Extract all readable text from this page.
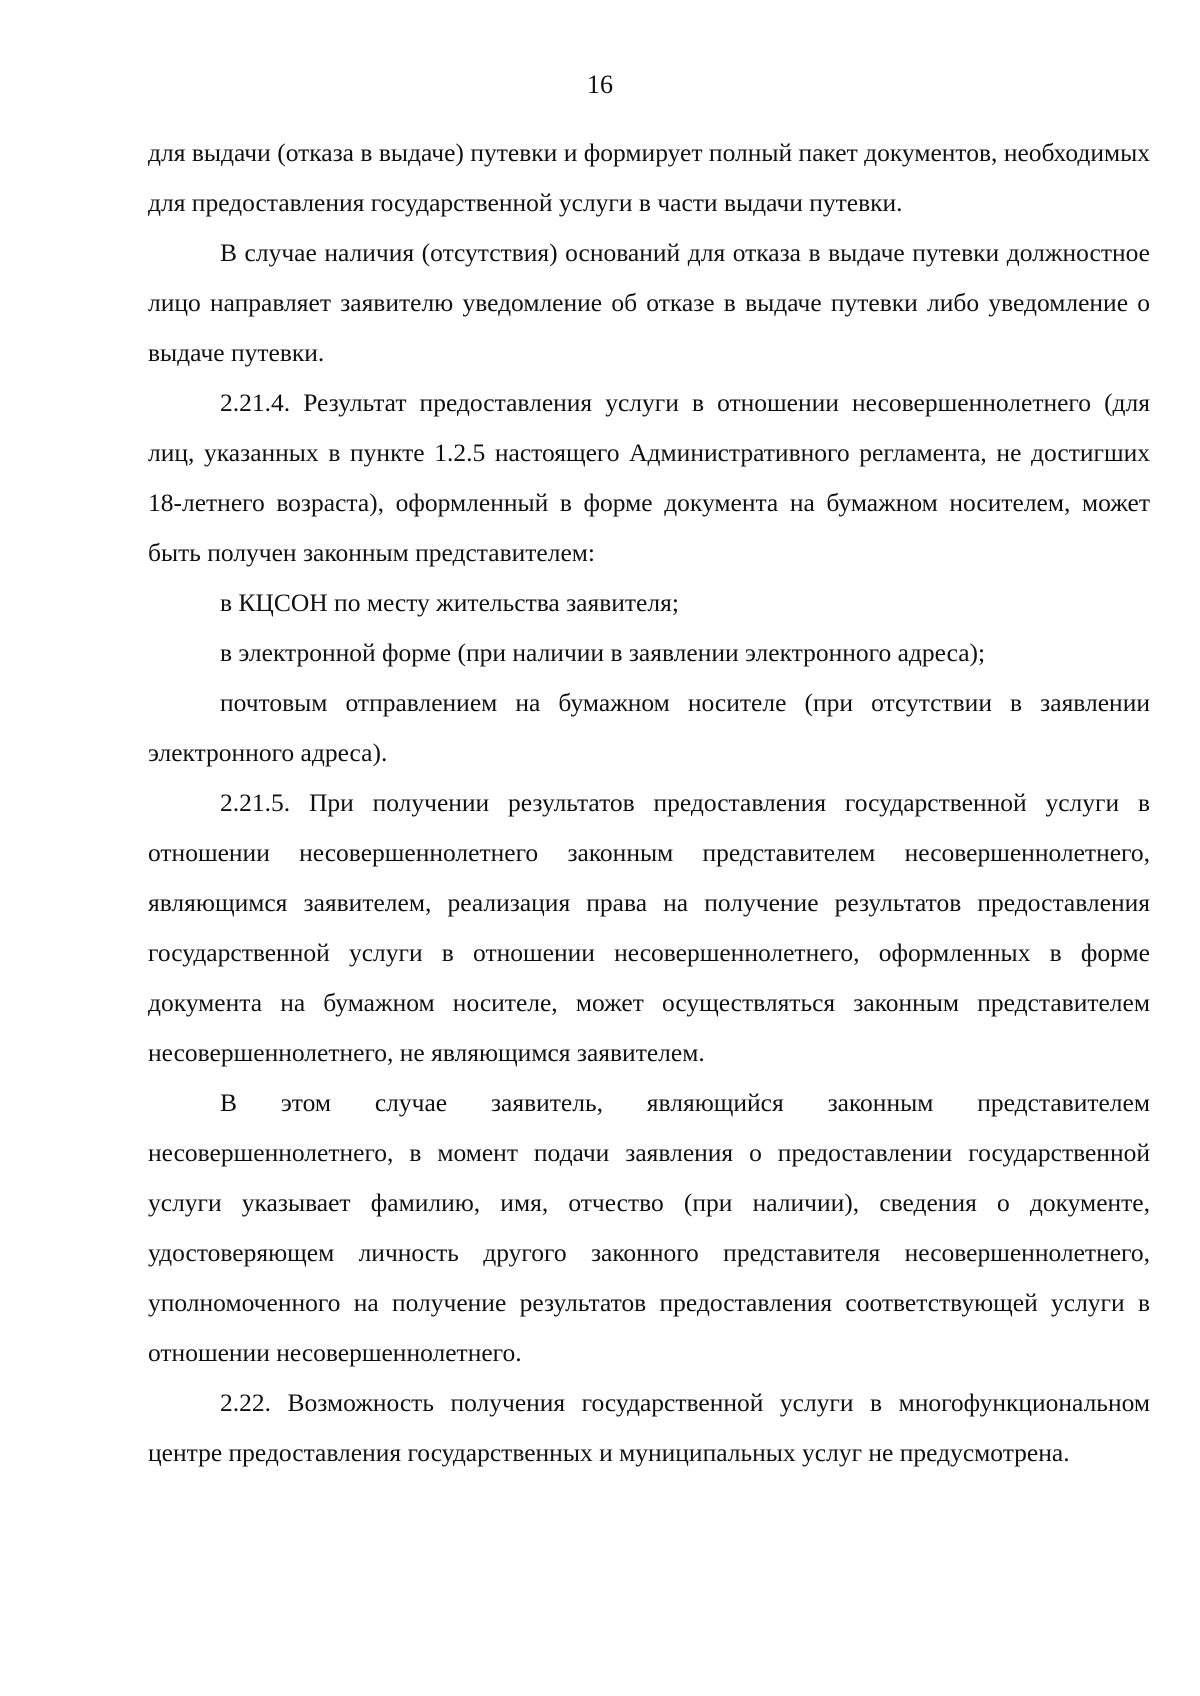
16

для выдачи (отказа в выдаче) путевки и формирует полный пакет документов, необходимых для предоставления государственной услуги в части выдачи путевки.

В случае наличия (отсутствия) оснований для отказа в выдаче путевки должностное лицо направляет заявителю уведомление об отказе в выдаче путевки либо уведомление о выдаче путевки.

2.21.4. Результат предоставления услуги в отношении несовершеннолетнего (для лиц, указанных в пункте 1.2.5 настоящего Административного регламента, не достигших 18-летнего возраста), оформленный в форме документа на бумажном носителем, может быть получен законным представителем:

в КЦСОН по месту жительства заявителя;

в электронной форме (при наличии в заявлении электронного адреса);

почтовым отправлением на бумажном носителе (при отсутствии в заявлении электронного адреса).

2.21.5. При получении результатов предоставления государственной услуги в отношении несовершеннолетнего законным представителем несовершеннолетнего, являющимся заявителем, реализация права на получение результатов предоставления государственной услуги в отношении несовершеннолетнего, оформленных в форме документа на бумажном носителе, может осуществляться законным представителем несовершеннолетнего, не являющимся заявителем.

В этом случае заявитель, являющийся законным представителем несовершеннолетнего, в момент подачи заявления о предоставлении государственной услуги указывает фамилию, имя, отчество (при наличии), сведения о документе, удостоверяющем личность другого законного представителя несовершеннолетнего, уполномоченного на получение результатов предоставления соответствующей услуги в отношении несовершеннолетнего.

2.22. Возможность получения государственной услуги в многофункциональном центре предоставления государственных и муниципальных услуг не предусмотрена.
